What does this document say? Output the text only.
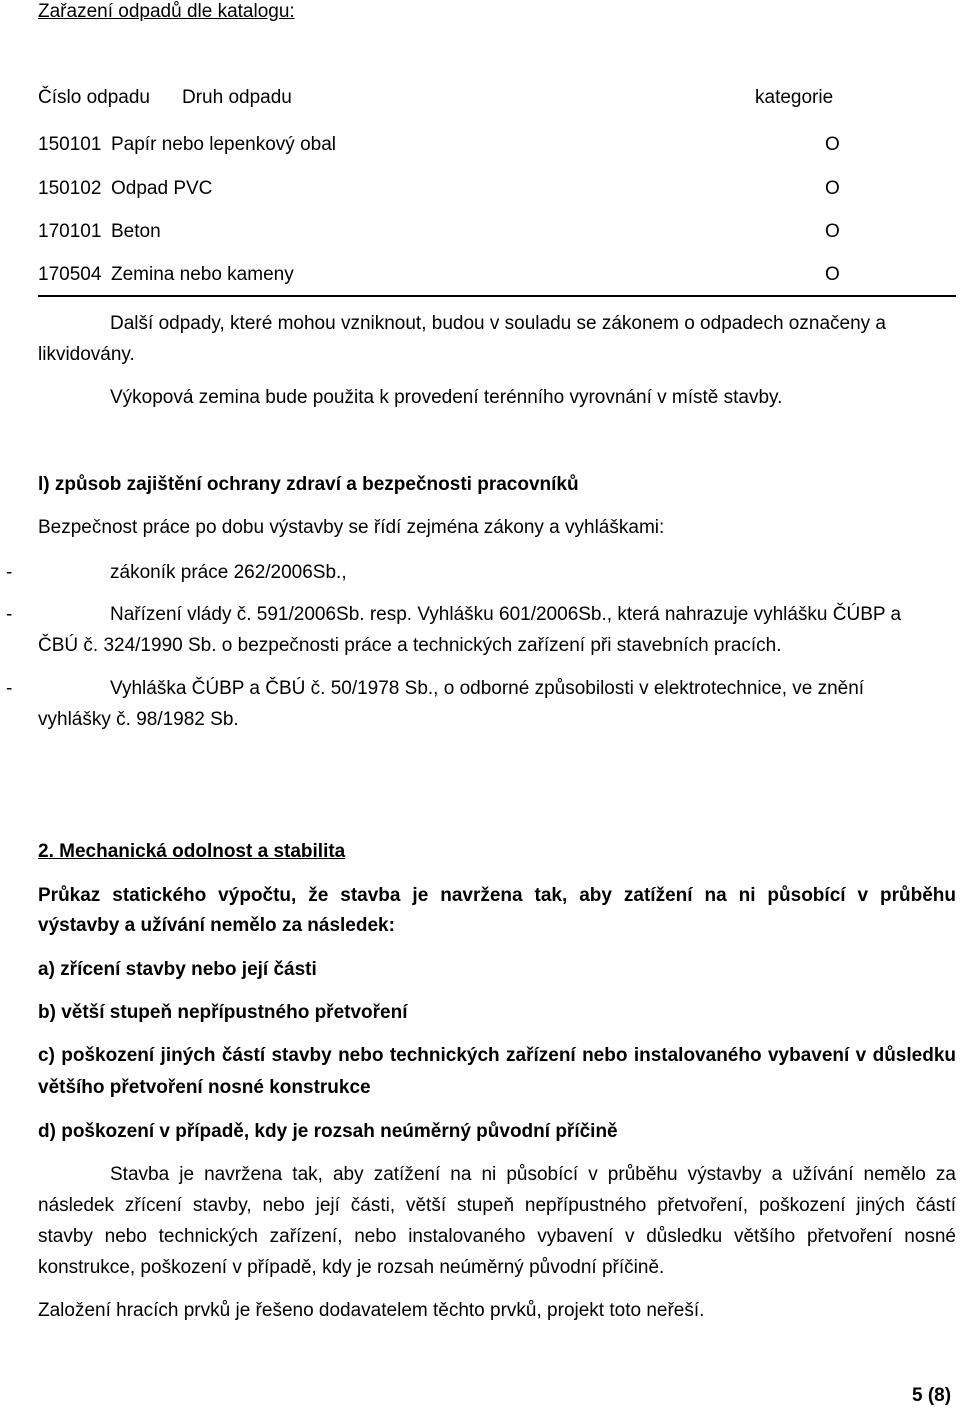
Zařazení odpadů dle katalogu:
Číslo odpadu Druh odpadu	kategorie
150101 Papír nebo lepenkový obal	O
150102 Odpad PVC	O
170101 Beton	O
170504 Zemina nebo kameny	O
Další odpady, které mohou vzniknout, budou v souladu se zákonem o odpadech označeny a
likvidovány.
Výkopová zemina bude použita k provedení terénního vyrovnání v místě stavby.
l) způsob zajištění ochrany zdraví a bezpečnosti pracovníků
Bezpečnost práce po dobu výstavby se řídí zejména zákony a vyhláškami:
-	zákoník práce 262/2006Sb.,
-	Nařízení vlády č. 591/2006Sb. resp. Vyhlášku 601/2006Sb., která nahrazuje vyhlášku ČÚBP a
ČBÚ č. 324/1990 Sb. o bezpečnosti práce a technických zařízení při stavebních pracích.
-	Vyhláška ČÚBP a ČBÚ č. 50/1978 Sb., o odborné způsobilosti v elektrotechnice, ve znění
vyhlášky č. 98/1982 Sb.
2. Mechanická odolnost a stabilita
Průkaz statického výpočtu, že stavba je navržena tak, aby zatížení na ni působící v průběhu
výstavby a užívání nemělo za následek:
a) zřícení stavby nebo její části
b) větší stupeň nepřípustného přetvoření
c) poškození jiných částí stavby nebo technických zařízení nebo instalovaného vybavení v důsledku
většího přetvoření nosné konstrukce
d) poškození v případě, kdy je rozsah neúměrný původní příčině
Stavba je navržena tak, aby zatížení na ni působící v průběhu výstavby a užívání nemělo za
následek zřícení stavby, nebo její části, větší stupeň nepřípustného přetvoření, poškození jiných částí
stavby nebo technických zařízení, nebo instalovaného vybavení v důsledku většího přetvoření nosné
konstrukce, poškození v případě, kdy je rozsah neúměrný původní příčině.
Založení hracích prvků je řešeno dodavatelem těchto prvků, projekt toto neřeší.
5 (8)
